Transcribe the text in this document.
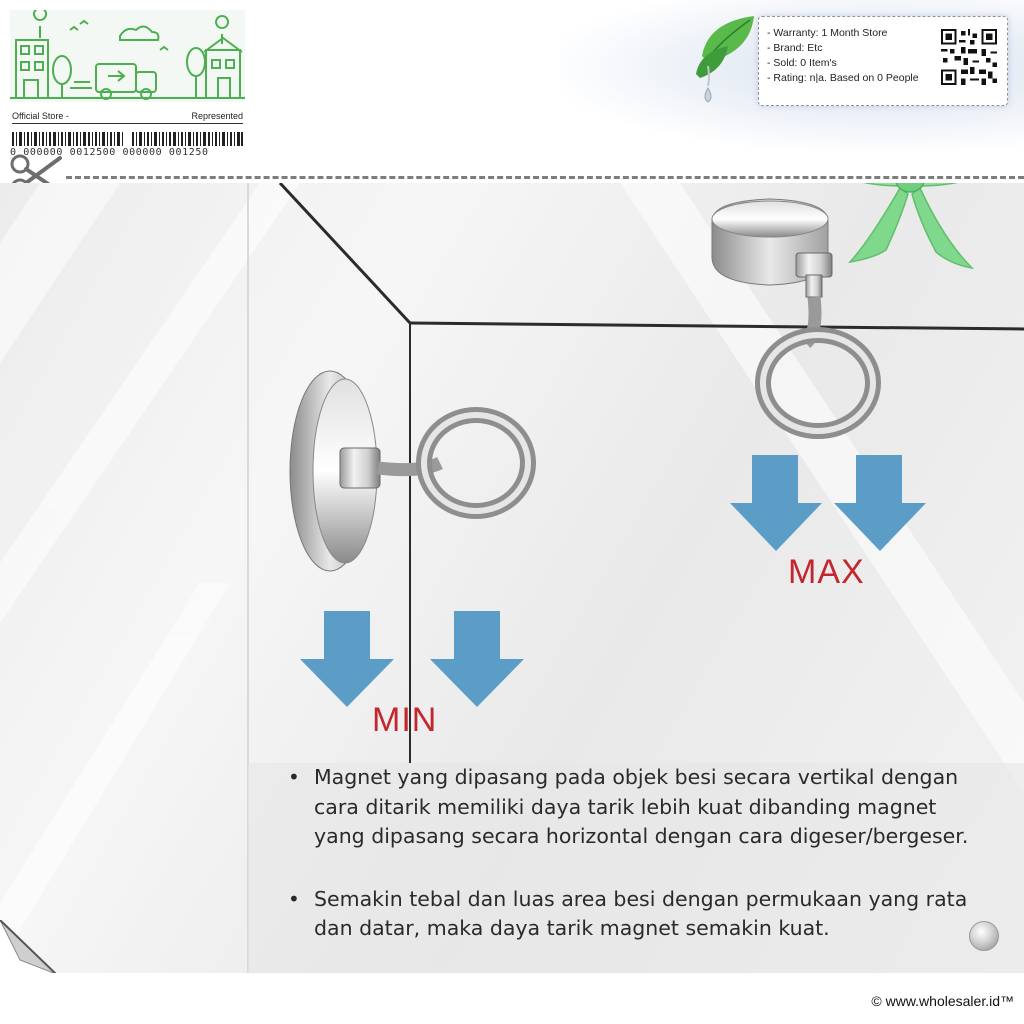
Official Store -	Represented
0 000000 0012500 000000 001250
- Warranty: 1 Month Store
- Brand: Etc
- Sold: 0 Item's
- Rating: n|a. Based on 0 People
MAX
MIN
• Magnet yang dipasang pada objek besi secara vertikal dengan cara ditarik memiliki daya tarik lebih kuat dibanding magnet yang dipasang secara horizontal dengan cara digeser/bergeser.
• Semakin tebal dan luas area besi dengan permukaan yang rata dan datar, maka daya tarik magnet semakin kuat.
© www.wholesaler.id™
